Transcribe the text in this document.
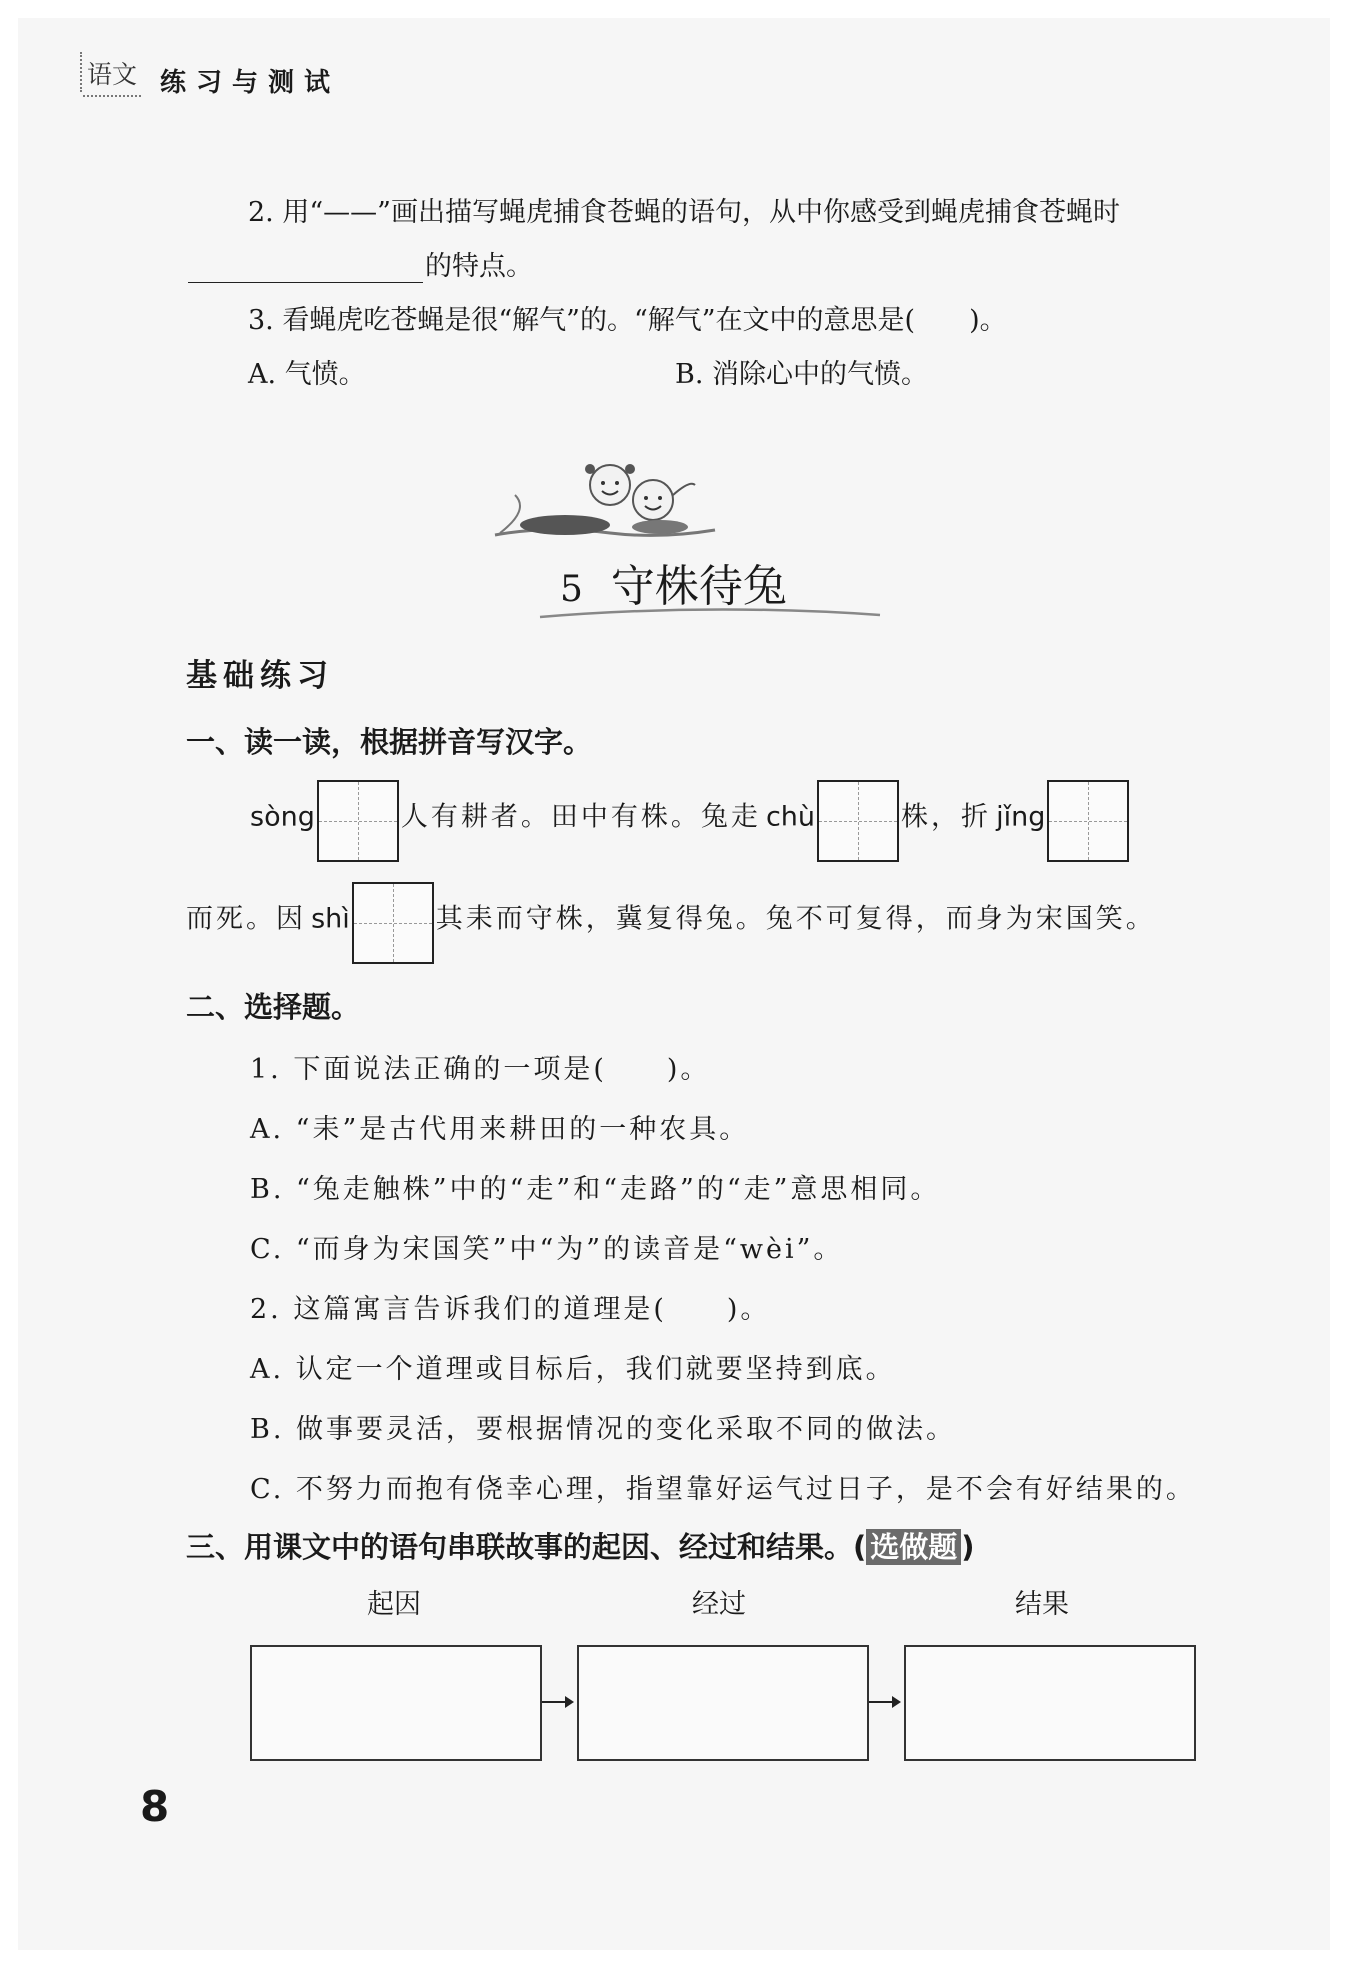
语文 练习与测试
2. 用“——”画出描写蝇虎捕食苍蝇的语句，从中你感受到蝇虎捕食苍蝇时
的特点。
3. 看蝇虎吃苍蝇是很“解气”的。“解气”在文中的意思是(　　)。
A. 气愤。	B. 消除心中的气愤。
5 守株待兔
基础练习
一、读一读，根据拼音写汉字。
sòng	人有耕者。田中有株。兔走 chù	株，折 jǐng
而死。因 shì	其耒而守株，冀复得兔。兔不可复得，而身为宋国笑。
二、选择题。
1. 下面说法正确的一项是(　　)。
A. “耒”是古代用来耕田的一种农具。
B. “兔走触株”中的“走”和“走路”的“走”意思相同。
C. “而身为宋国笑”中“为”的读音是“wèi”。
2. 这篇寓言告诉我们的道理是(　　)。
A. 认定一个道理或目标后，我们就要坚持到底。
B. 做事要灵活，要根据情况的变化采取不同的做法。
C. 不努力而抱有侥幸心理，指望靠好运气过日子，是不会有好结果的。
三、用课文中的语句串联故事的起因、经过和结果。( 选做题 )
起因	经过	结果
8
